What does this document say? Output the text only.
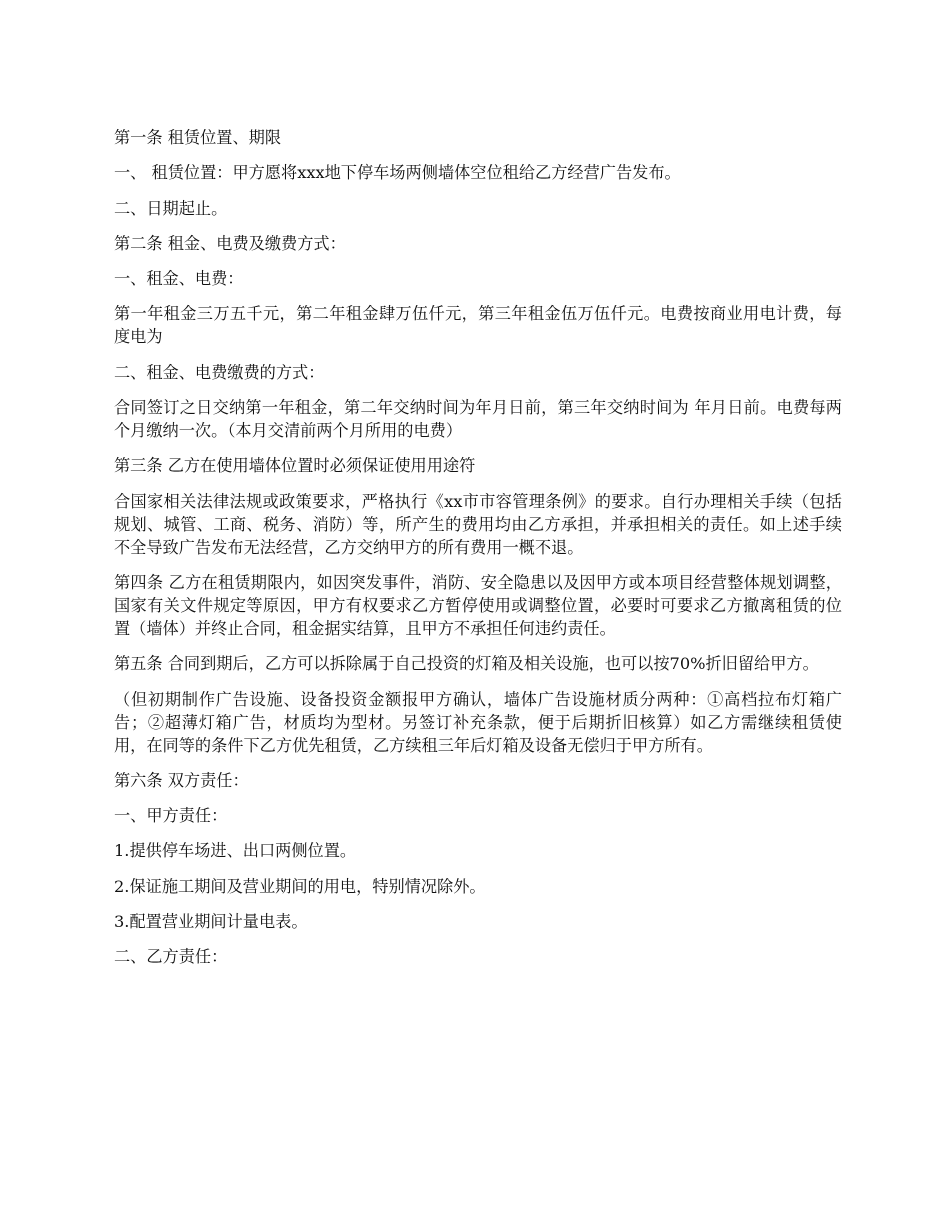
第一条 租赁位置、期限

一、 租赁位置：甲方愿将xxx地下停车场两侧墙体空位租给乙方经营广告发布。

二、日期起止。

第二条 租金、电费及缴费方式：

一、租金、电费：

第一年租金三万五千元，第二年租金肆万伍仟元，第三年租金伍万伍仟元。电费按商业用电计费，每度电为

二、租金、电费缴费的方式：

合同签订之日交纳第一年租金，第二年交纳时间为年月日前，第三年交纳时间为 年月日前。电费每两个月缴纳一次。（本月交清前两个月所用的电费）

第三条 乙方在使用墙体位置时必须保证使用用途符

合国家相关法律法规或政策要求，严格执行《xx市市容管理条例》的要求。自行办理相关手续（包括规划、城管、工商、税务、消防）等，所产生的费用均由乙方承担，并承担相关的责任。如上述手续不全导致广告发布无法经营，乙方交纳甲方的所有费用一概不退。

第四条 乙方在租赁期限内，如因突发事件，消防、安全隐患以及因甲方或本项目经营整体规划调整，国家有关文件规定等原因，甲方有权要求乙方暂停使用或调整位置，必要时可要求乙方撤离租赁的位置（墙体）并终止合同，租金据实结算，且甲方不承担任何违约责任。

第五条 合同到期后，乙方可以拆除属于自己投资的灯箱及相关设施，也可以按70%折旧留给甲方。

（但初期制作广告设施、设备投资金额报甲方确认，墙体广告设施材质分两种：①高档拉布灯箱广告；②超薄灯箱广告，材质均为型材。另签订补充条款，便于后期折旧核算）如乙方需继续租赁使用，在同等的条件下乙方优先租赁，乙方续租三年后灯箱及设备无偿归于甲方所有。

第六条 双方责任：

一、甲方责任：

1.提供停车场进、出口两侧位置。

2.保证施工期间及营业期间的用电，特别情况除外。

3.配置营业期间计量电表。

二、乙方责任：
